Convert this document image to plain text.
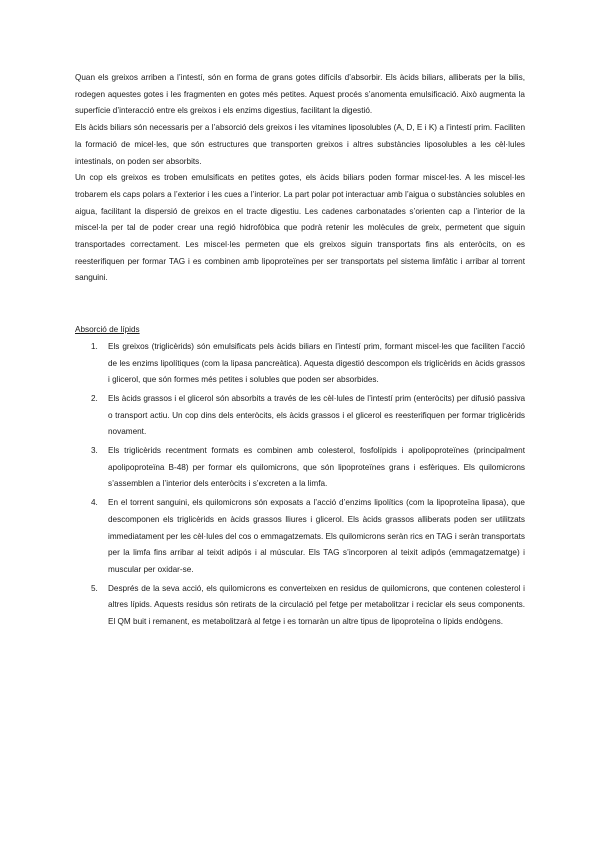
Quan els greixos arriben a l’intestí, són en forma de grans gotes difícils d’absorbir. Els àcids biliars, alliberats per la bilis, rodegen aquestes gotes i les fragmenten en gotes més petites. Aquest procés s’anomenta emulsificació. Això augmenta la superfície d’interacció entre els greixos i els enzims digestius, facilitant la digestió.

Els àcids biliars són necessaris per a l’absorció dels greixos i les vitamines liposolubles (A, D, E i K) a l’intestí prim. Faciliten la formació de micel·les, que són estructures que transporten greixos i altres substàncies liposolubles a les cèl·lules intestinals, on poden ser absorbits.

Un cop els greixos es troben emulsificats en petites gotes, els àcids biliars poden formar miscel·les. A les miscel·les trobarem els caps polars a l’exterior i les cues a l’interior. La part polar pot interactuar amb l’aigua o substàncies solubles en aigua, facilitant la dispersió de greixos en el tracte digestiu. Les cadenes carbonatades s’orienten cap a l’interior de la miscel·la per tal de poder crear una regió hidrofòbica que podrà retenir les molècules de greix, permetent que siguin transportades correctament. Les miscel·les permeten que els greixos siguin transportats fins als enteròcits, on es reesterifiquen per formar TAG i es combinen amb lipoproteïnes per ser transportats pel sistema limfàtic i arribar al torrent sanguini.

Absorció de lípids

1. Els greixos (triglicèrids) són emulsificats pels àcids biliars en l’intestí prim, formant miscel·les que faciliten l’acció de les enzims lipolítiques (com la lipasa pancreàtica). Aquesta digestió descompon els triglicèrids en àcids grassos i glicerol, que són formes més petites i solubles que poden ser absorbides.
2. Els àcids grassos i el glicerol són absorbits a través de les cèl·lules de l’intestí prim (enteròcits) per difusió passiva o transport actiu. Un cop dins dels enteròcits, els àcids grassos i el glicerol es reesterifiquen per formar triglicèrids novament.
3. Els triglicèrids recentment formats es combinen amb colesterol, fosfolípids i apolipoproteïnes (principalment apolipoproteïna B-48) per formar els quilomicrons, que són lipoproteïnes grans i esfèriques. Els quilomicrons s’assemblen a l’interior dels enteròcits i s’excreten a la limfa.
4. En el torrent sanguini, els quilomicrons són exposats a l’acció d’enzims lipolítics (com la lipoproteïna lipasa), que descomponen els triglicèrids en àcids grassos lliures i glicerol. Els àcids grassos alliberats poden ser utilitzats immediatament per les cèl·lules del cos o emmagatzemats. Els quilomicrons seràn rics en TAG i seràn transportats per la limfa fins arribar al teixit adipós i al múscular. Els TAG s’incorporen al teixit adipós (emmagatzematge) i muscular per oxidar-se.
5. Després de la seva acció, els quilomicrons es converteixen en residus de quilomicrons, que contenen colesterol i altres lípids. Aquests residus són retirats de la circulació pel fetge per metabolitzar i reciclar els seus components. El QM buit i remanent, es metabolitzarà al fetge i es tornaràn un altre tipus de lipoproteïna o lípids endògens.
